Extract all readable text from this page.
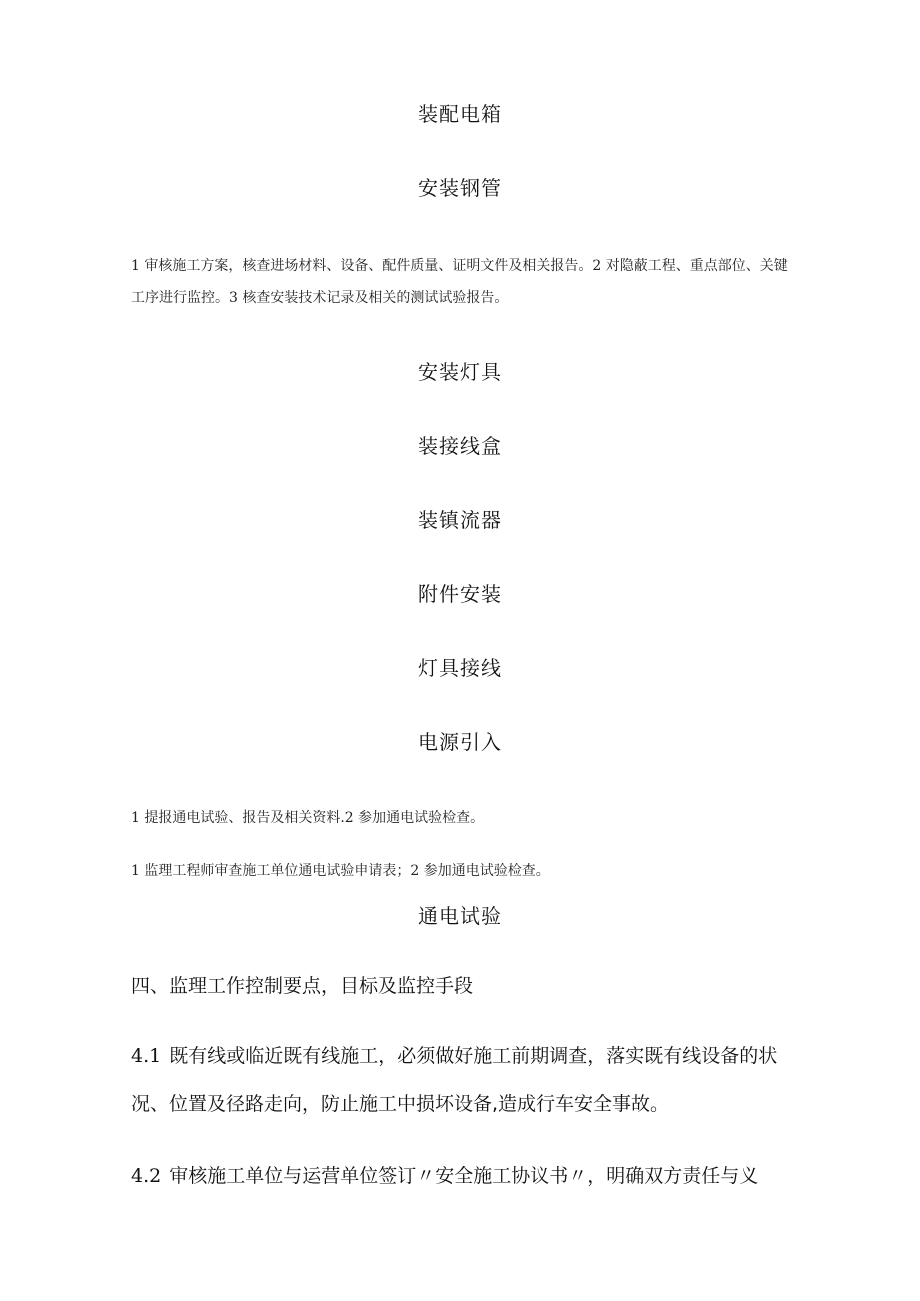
装配电箱
安装钢管
1 审核施工方案，核查进场材料、设备、配件质量、证明文件及相关报告。2 对隐蔽工程、重点部位、关键工序进行监控。3 核查安装技术记录及相关的测试试验报告。
安装灯具
装接线盒
装镇流器
附件安装
灯具接线
电源引入
1 提报通电试验、报告及相关资料.2 参加通电试验检查。
1 监理工程师审查施工单位通电试验申请表；2 参加通电试验检查。
通电试验
四、监理工作控制要点，目标及监控手段
4.1 既有线或临近既有线施工，必须做好施工前期调查，落实既有线设备的状况、位置及径路走向，防止施工中损坏设备,造成行车安全事故。
4.2 审核施工单位与运营单位签订〃安全施工协议书〃，明确双方责任与义
